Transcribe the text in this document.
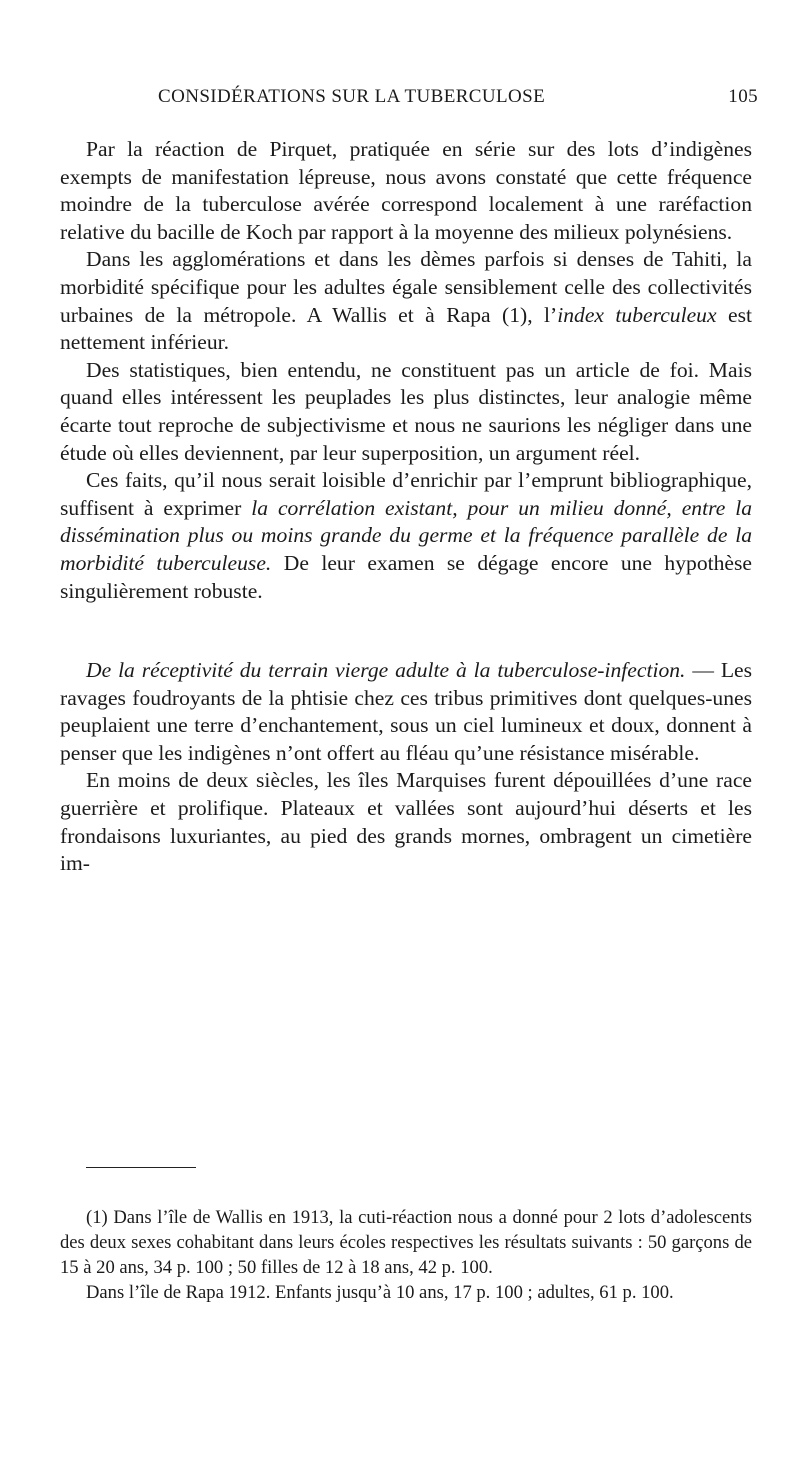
CONSIDÉRATIONS SUR LA TUBERCULOSE	105

Par la réaction de Pirquet, pratiquée en série sur des lots d’indigènes exempts de manifestation lépreuse, nous avons constaté que cette fréquence moindre de la tuberculose avérée correspond localement à une raréfaction relative du bacille de Koch par rapport à la moyenne des milieux polynésiens.

Dans les agglomérations et dans les dèmes parfois si denses de Tahiti, la morbidité spécifique pour les adultes égale sensiblement celle des collectivités urbaines de la métropole. A Wallis et à Rapa (1), l’index tuberculeux est nettement inférieur.

Des statistiques, bien entendu, ne constituent pas un article de foi. Mais quand elles intéressent les peuplades les plus distinctes, leur analogie même écarte tout reproche de subjectivisme et nous ne saurions les négliger dans une étude où elles deviennent, par leur superposition, un argument réel.

Ces faits, qu’il nous serait loisible d’enrichir par l’emprunt bibliographique, suffisent à exprimer la corrélation existant, pour un milieu donné, entre la dissémination plus ou moins grande du germe et la fréquence parallèle de la morbidité tuberculeuse. De leur examen se dégage encore une hypothèse singulièrement robuste.

De la réceptivité du terrain vierge adulte à la tuberculose-infection. — Les ravages foudroyants de la phtisie chez ces tribus primitives dont quelques-unes peuplaient une terre d’enchantement, sous un ciel lumineux et doux, donnent à penser que les indigènes n’ont offert au fléau qu’une résistance misérable.

En moins de deux siècles, les îles Marquises furent dépouillées d’une race guerrière et prolifique. Plateaux et vallées sont aujourd’hui déserts et les frondaisons luxuriantes, au pied des grands mornes, ombragent un cimetière im-

(1) Dans l’île de Wallis en 1913, la cuti-réaction nous a donné pour 2 lots d’adolescents des deux sexes cohabitant dans leurs écoles respectives les résultats suivants : 50 garçons de 15 à 20 ans, 34 p. 100 ; 50 filles de 12 à 18 ans, 42 p. 100.

Dans l’île de Rapa 1912. Enfants jusqu’à 10 ans, 17 p. 100 ; adultes, 61 p. 100.
